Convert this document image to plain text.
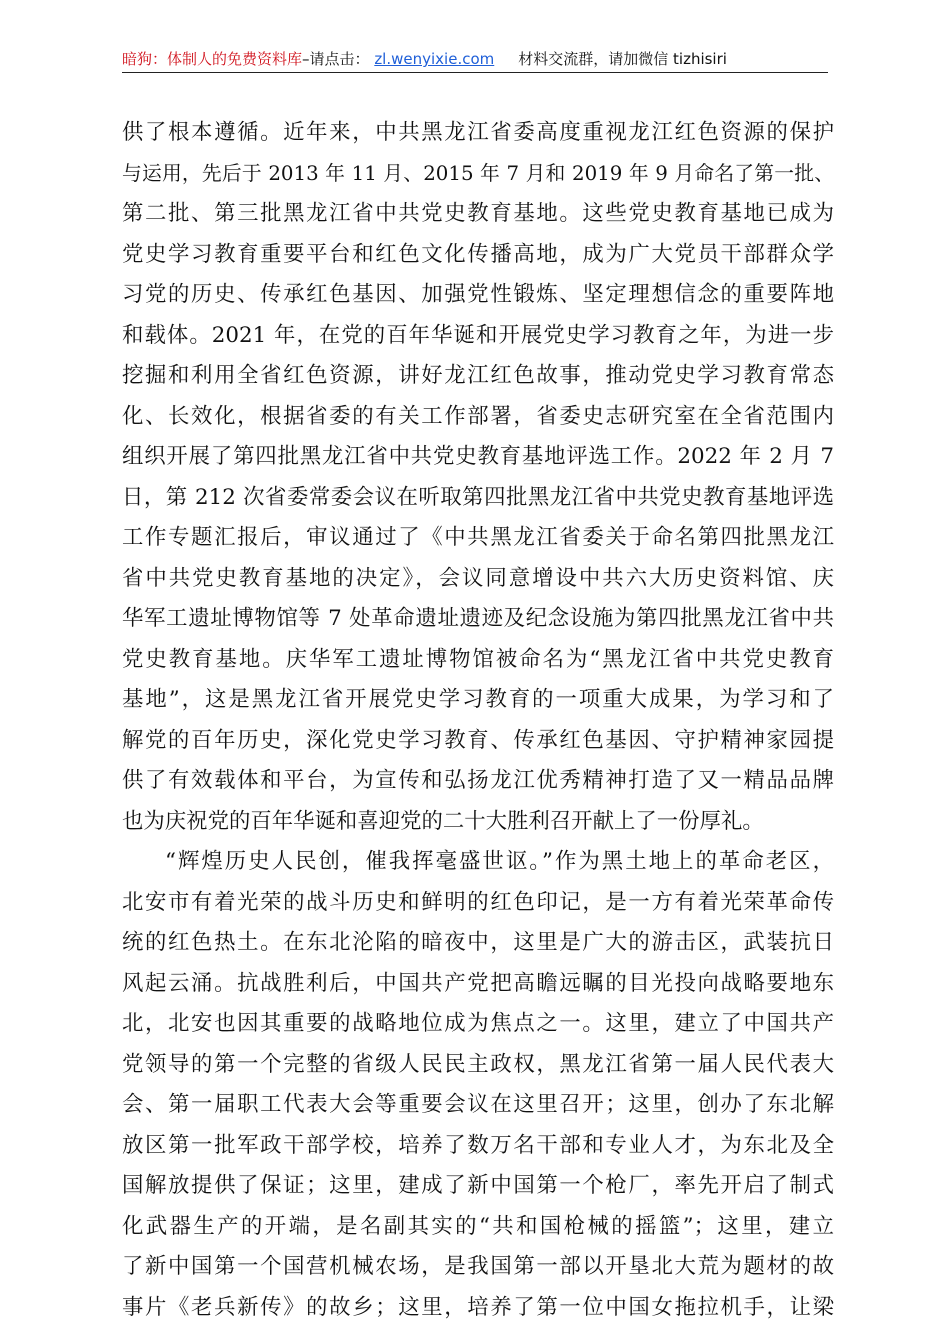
暗狗：体制人的免费资料库–请点击： zl.wenyixie.com 材料交流群，请加微信 tizhisiri
供了根本遵循。近年来，中共黑龙江省委高度重视龙江红色资源的保护
与运用，先后于 2013 年 11 月、2015 年 7 月和 2019 年 9 月命名了第一批、
第二批、第三批黑龙江省中共党史教育基地。这些党史教育基地已成为
党史学习教育重要平台和红色文化传播高地，成为广大党员干部群众学
习党的历史、传承红色基因、加强党性锻炼、坚定理想信念的重要阵地
和载体。2021 年，在党的百年华诞和开展党史学习教育之年，为进一步
挖掘和利用全省红色资源，讲好龙江红色故事，推动党史学习教育常态
化、长效化，根据省委的有关工作部署，省委史志研究室在全省范围内
组织开展了第四批黑龙江省中共党史教育基地评选工作。2022 年 2 月 7
日，第 212 次省委常委会议在听取第四批黑龙江省中共党史教育基地评选
工作专题汇报后，审议通过了《中共黑龙江省委关于命名第四批黑龙江
省中共党史教育基地的决定》，会议同意增设中共六大历史资料馆、庆
华军工遗址博物馆等 7 处革命遗址遗迹及纪念设施为第四批黑龙江省中共
党史教育基地。庆华军工遗址博物馆被命名为“黑龙江省中共党史教育
基地”，这是黑龙江省开展党史学习教育的一项重大成果，为学习和了
解党的百年历史，深化党史学习教育、传承红色基因、守护精神家园提
供了有效载体和平台，为宣传和弘扬龙江优秀精神打造了又一精品品牌
也为庆祝党的百年华诞和喜迎党的二十大胜利召开献上了一份厚礼。
“辉煌历史人民创，催我挥毫盛世讴。”作为黑土地上的革命老区，
北安市有着光荣的战斗历史和鲜明的红色印记，是一方有着光荣革命传
统的红色热土。在东北沦陷的暗夜中，这里是广大的游击区，武装抗日
风起云涌。抗战胜利后，中国共产党把高瞻远瞩的目光投向战略要地东
北，北安也因其重要的战略地位成为焦点之一。这里，建立了中国共产
党领导的第一个完整的省级人民民主政权，黑龙江省第一届人民代表大
会、第一届职工代表大会等重要会议在这里召开；这里，创办了东北解
放区第一批军政干部学校，培养了数万名干部和专业人才，为东北及全
国解放提供了保证；这里，建成了新中国第一个枪厂，率先开启了制式
化武器生产的开端，是名副其实的“共和国枪械的摇篮”；这里，建立
了新中国第一个国营机械农场，是我国第一部以开垦北大荒为题材的故
事片《老兵新传》的故乡；这里，培养了第一位中国女拖拉机手，让梁
